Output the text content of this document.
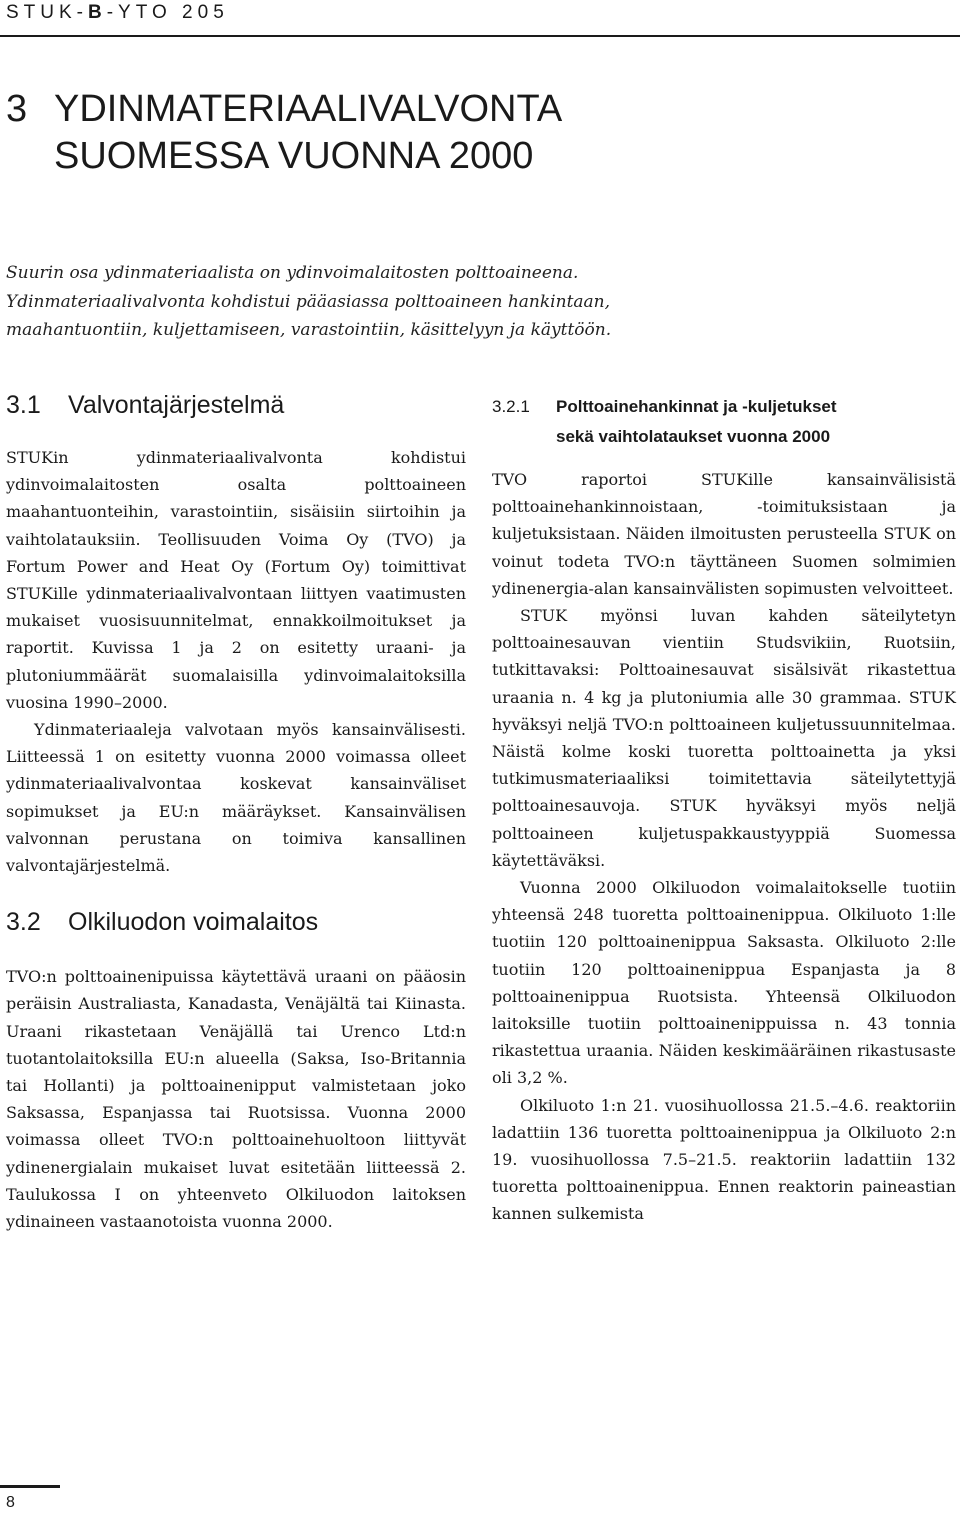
STUK-B-YTO 205
3 YDINMATERIAALIVALVONTA
SUOMESSA VUONNA 2000
Suurin osa ydinmateriaalista on ydinvoimalaitosten polttoaineena. Ydinmateriaalivalvonta kohdistui pääasiassa polttoaineen hankintaan, maahantuontiin, kuljettamiseen, varastointiin, käsittelyyn ja käyttöön.
3.1 Valvontajärjestelmä

STUKin ydinmateriaalivalvonta kohdistui ydinvoimalaitosten osalta polttoaineen maahantuonteihin, varastointiin, sisäisiin siirtoihin ja vaihtolatauksiin. Teollisuuden Voima Oy (TVO) ja Fortum Power and Heat Oy (Fortum Oy) toimittivat STUKille ydinmateriaalivalvontaan liittyen vaatimusten mukaiset vuosisuunnitelmat, ennakkoilmoitukset ja raportit. Kuvissa 1 ja 2 on esitetty uraani- ja plutoniummäärät suomalaisilla ydinvoimalaitoksilla vuosina 1990–2000.

Ydinmateriaaleja valvotaan myös kansainvälisesti. Liitteessä 1 on esitetty vuonna 2000 voimassa olleet ydinmateriaalivalvontaa koskevat kansainväliset sopimukset ja EU:n määräykset. Kansainvälisen valvonnan perustana on toimiva kansallinen valvontajärjestelmä.

3.2 Olkiluodon voimalaitos

TVO:n polttoainenipuissa käytettävä uraani on pääosin peräisin Australiasta, Kanadasta, Venäjältä tai Kiinasta. Uraani rikastetaan Venäjällä tai Urenco Ltd:n tuotantolaitoksilla EU:n alueella (Saksa, Iso-Britannia tai Hollanti) ja polttoainenipput valmistetaan joko Saksassa, Espanjassa tai Ruotsissa. Vuonna 2000 voimassa olleet TVO:n polttoainehuoltoon liittyvät ydinenergialain mukaiset luvat esitetään liitteessä 2. Taulukossa I on yhteenveto Olkiluodon laitoksen ydinaineen vastaanotoista vuonna 2000.

3.2.1 Polttoainehankinnat ja -kuljetukset
sekä vaihtolataukset vuonna 2000

TVO raportoi STUKille kansainvälisistä polttoainehankinnoistaan, -toimituksistaan ja kuljetuksistaan. Näiden ilmoitusten perusteella STUK on voinut todeta TVO:n täyttäneen Suomen solmimien ydinenergia-alan kansainvälisten sopimusten velvoitteet.

STUK myönsi luvan kahden säteilytetyn polttoainesauvan vientiin Studsvikiin, Ruotsiin, tutkittavaksi: Polttoainesauvat sisälsivät rikastettua uraania n. 4 kg ja plutoniumia alle 30 grammaa. STUK hyväksyi neljä TVO:n polttoaineen kuljetussuunnitelmaa. Näistä kolme koski tuoretta polttoainetta ja yksi tutkimusmateriaaliksi toimitettavia säteilytettyjä polttoainesauvoja. STUK hyväksyi myös neljä polttoaineen kuljetuspakkaustyyppiä Suomessa käytettäväksi.

Vuonna 2000 Olkiluodon voimalaitokselle tuotiin yhteensä 248 tuoretta polttoainenippua. Olkiluoto 1:lle tuotiin 120 polttoainenippua Saksasta. Olkiluoto 2:lle tuotiin 120 polttoainenippua Espanjasta ja 8 polttoainenippua Ruotsista. Yhteensä Olkiluodon laitoksille tuotiin polttoainenippuissa n. 43 tonnia rikastettua uraania. Näiden keskimääräinen rikastusaste oli 3,2 %.

Olkiluoto 1:n 21. vuosihuollossa 21.5.–4.6. reaktoriin ladattiin 136 tuoretta polttoainenippua ja Olkiluoto 2:n 19. vuosihuollossa 7.5–21.5. reaktoriin ladattiin 132 tuoretta polttoainenippua. Ennen reaktorin paineastian kannen sulkemista

8
